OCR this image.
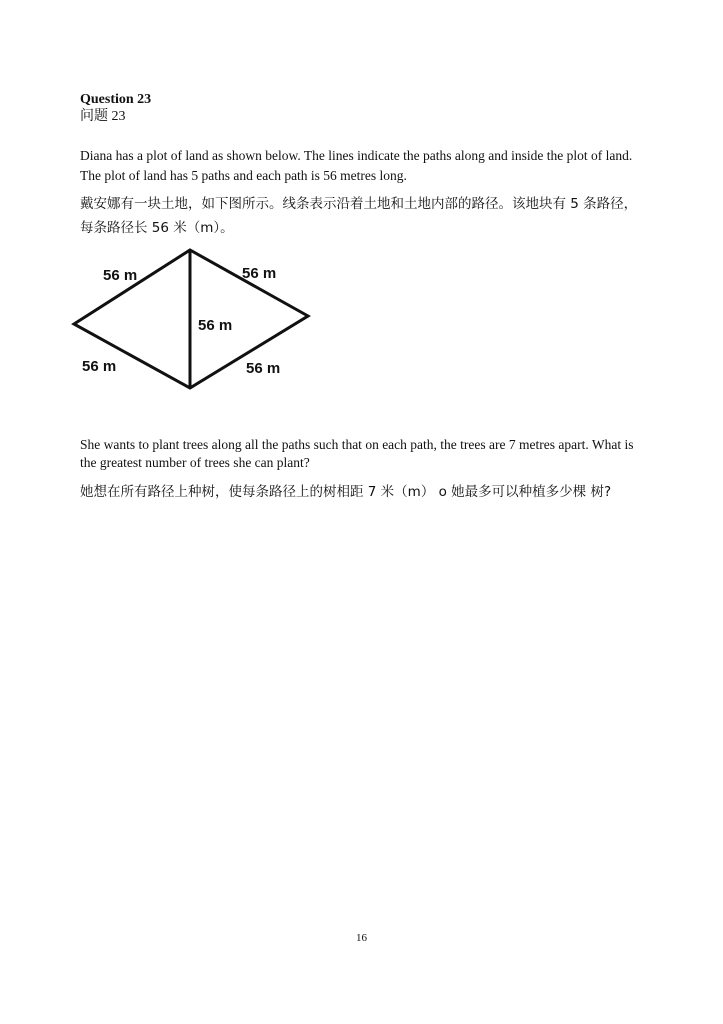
Question 23
问题 23
Diana has a plot of land as shown below. The lines indicate the paths along and inside the plot of land. The plot of land has 5 paths and each path is 56 metres long.
戴安娜有一块土地，如下图所示。线条表示沿着土地和土地内部的路径。该地块有 5 条路径，每条路径长 56 米（m）。
56 m	56 m
56 m
56 m	56 m
She wants to plant trees along all the paths such that on each path, the trees are 7 metres apart. What is the greatest number of trees she can plant?
她想在所有路径上种树，使每条路径上的树相距 7 米（m） o 她最多可以种植多少棵 树?
16
